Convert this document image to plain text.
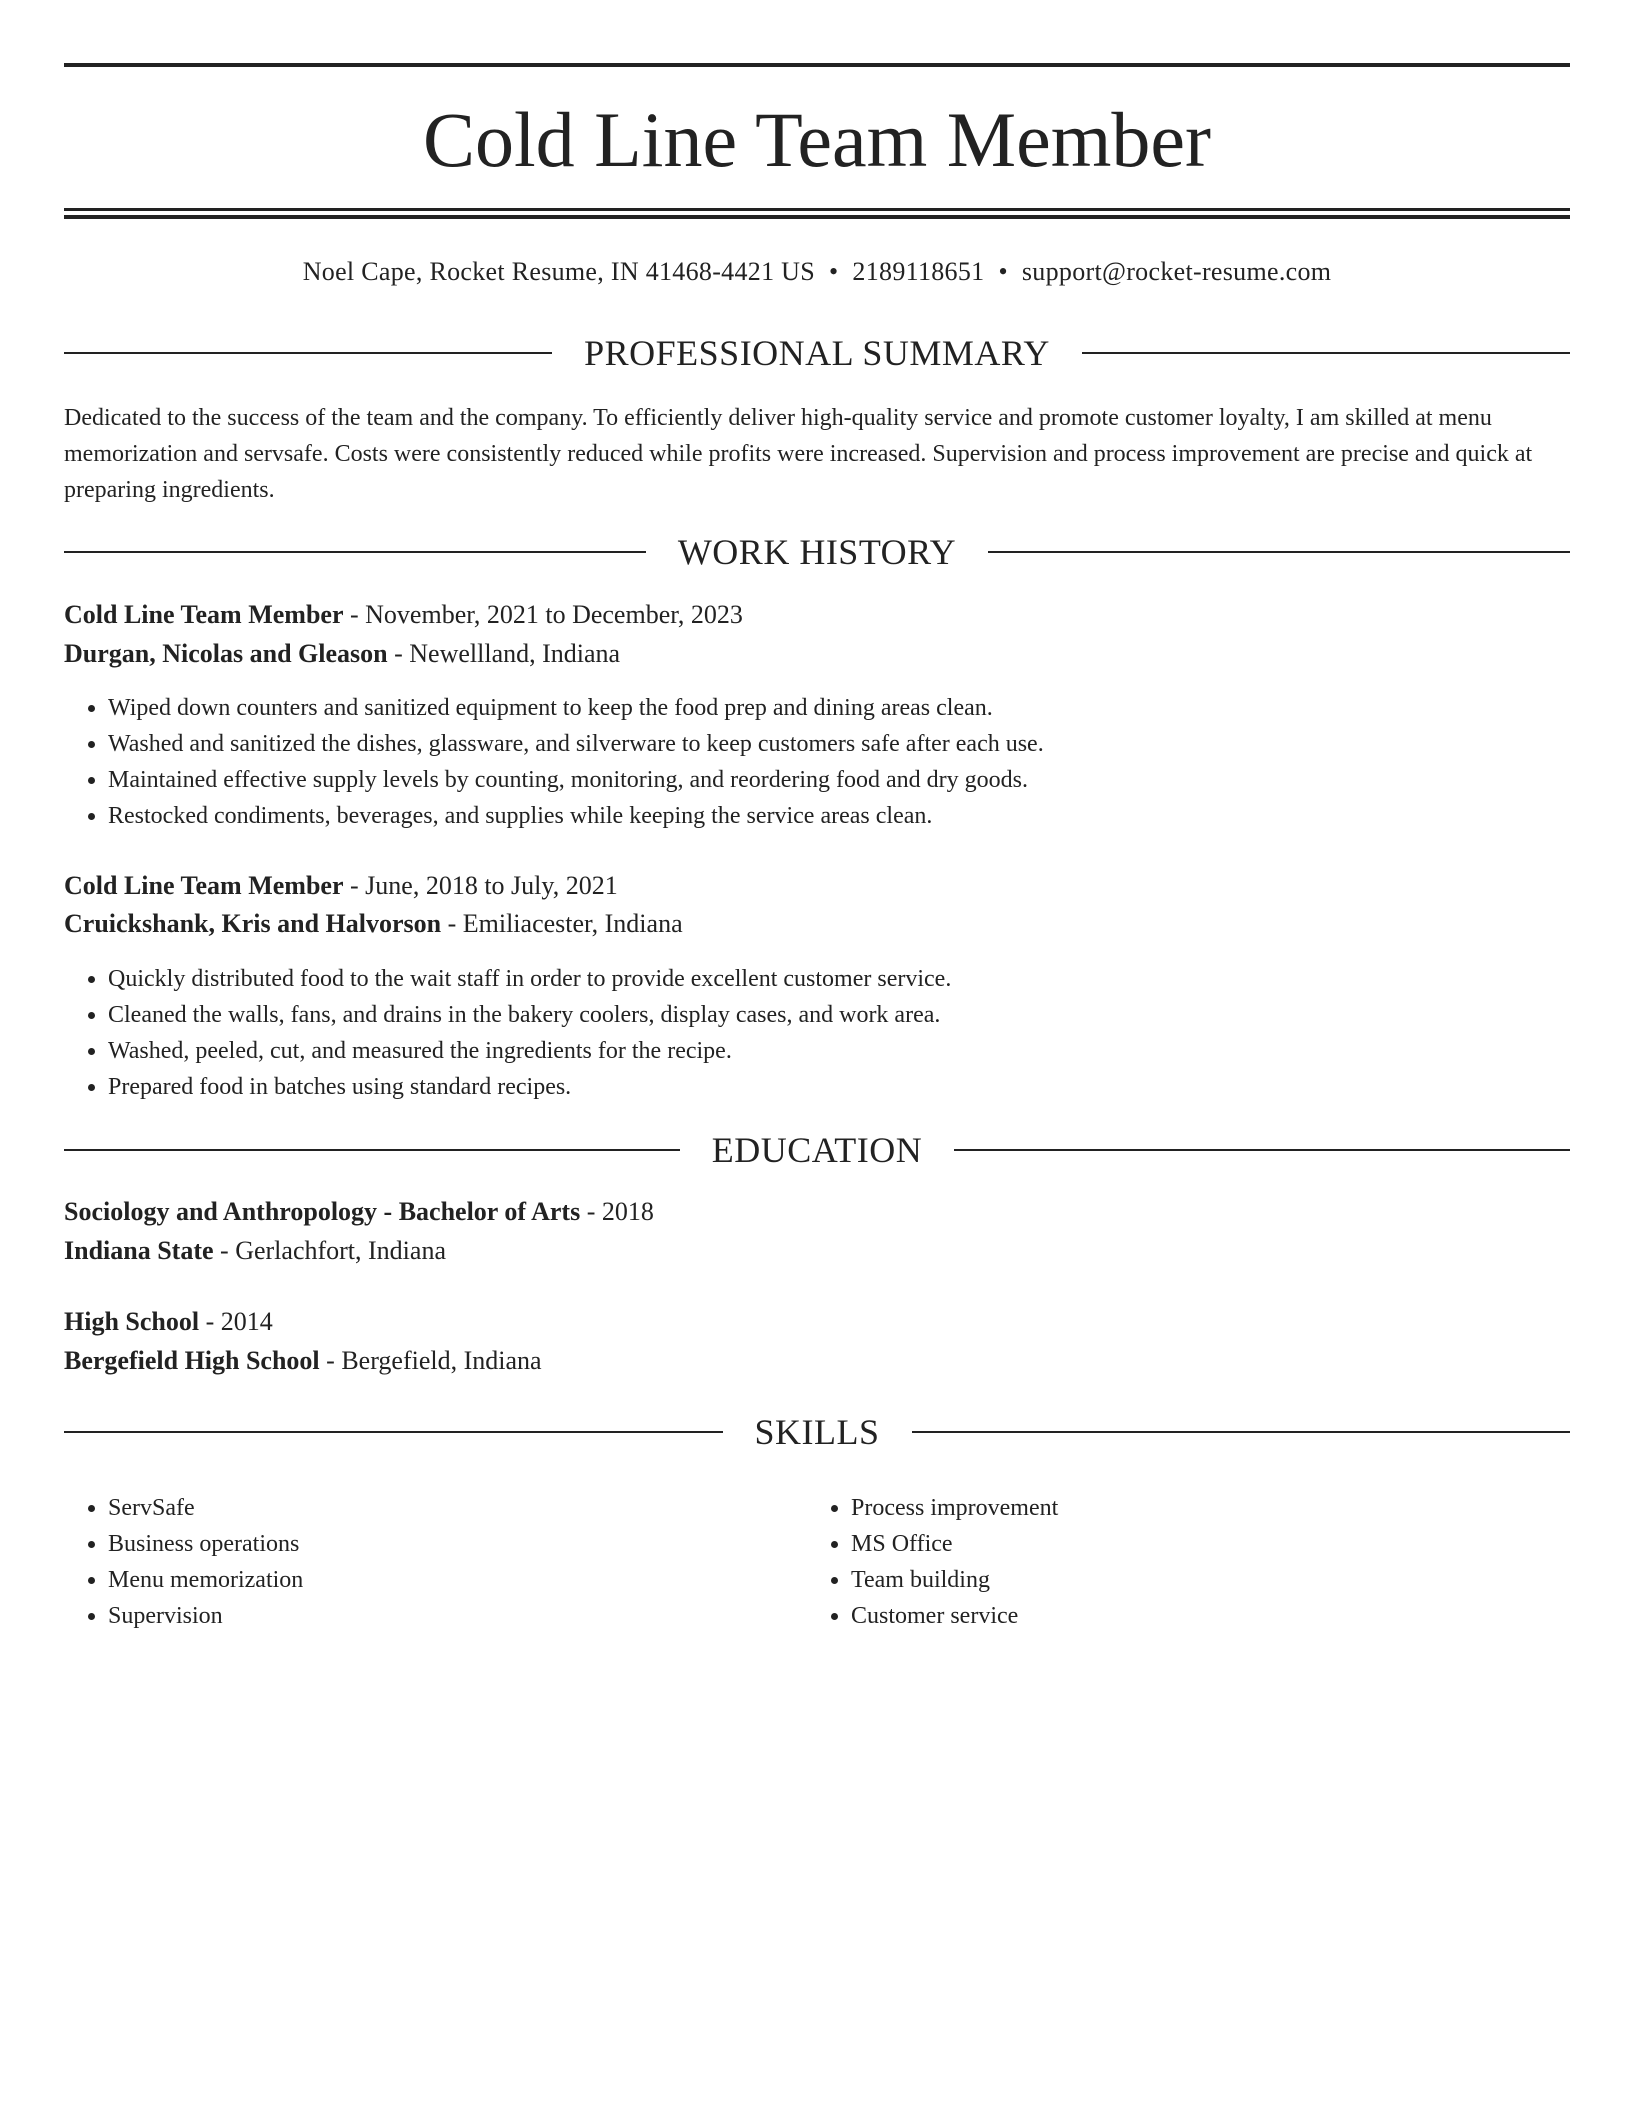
Cold Line Team Member
Noel Cape, Rocket Resume, IN 41468-4421 US • 2189118651 • support@rocket-resume.com
PROFESSIONAL SUMMARY

Dedicated to the success of the team and the company. To efficiently deliver high-quality service and promote customer loyalty, I am skilled at menu memorization and servsafe. Costs were consistently reduced while profits were increased. Supervision and process improvement are precise and quick at preparing ingredients.

WORK HISTORY
Cold Line Team Member - November, 2021 to December, 2023
Durgan, Nicolas and Gleason - Newellland, Indiana
• Wiped down counters and sanitized equipment to keep the food prep and dining areas clean.
• Washed and sanitized the dishes, glassware, and silverware to keep customers safe after each use.
• Maintained effective supply levels by counting, monitoring, and reordering food and dry goods.
• Restocked condiments, beverages, and supplies while keeping the service areas clean.
Cold Line Team Member - June, 2018 to July, 2021
Cruickshank, Kris and Halvorson - Emiliacester, Indiana
• Quickly distributed food to the wait staff in order to provide excellent customer service.
• Cleaned the walls, fans, and drains in the bakery coolers, display cases, and work area.
• Washed, peeled, cut, and measured the ingredients for the recipe.
• Prepared food in batches using standard recipes.
EDUCATION
Sociology and Anthropology - Bachelor of Arts - 2018
Indiana State - Gerlachfort, Indiana
High School - 2014
Bergefield High School - Bergefield, Indiana
SKILLS
• ServSafe
• Business operations
• Menu memorization
• Supervision
• Process improvement
• MS Office
• Team building
• Customer service
